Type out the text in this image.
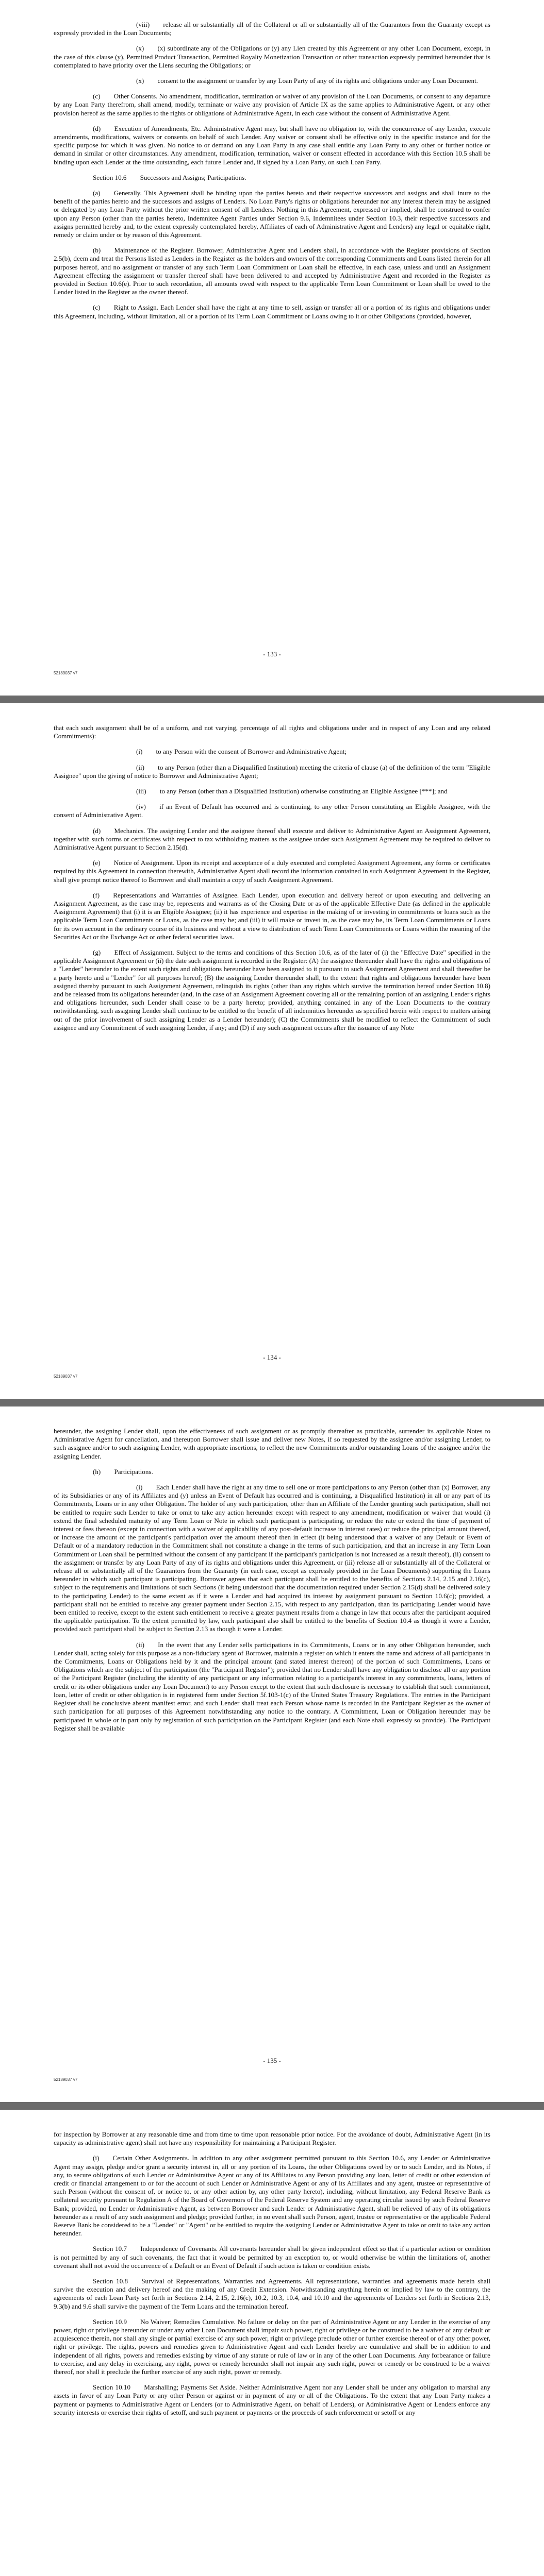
(viii)  release all or substantially all of the Collateral or all or substantially all of the Guarantors from the Guaranty except as expressly provided in the Loan Documents;

(x)  (x) subordinate any of the Obligations or (y) any Lien created by this Agreement or any other Loan Document, except, in the case of this clause (y), Permitted Product Transaction, Permitted Royalty Monetization Transaction or other transaction expressly permitted hereunder that is contemplated to have priority over the Liens securing the Obligations; or

(x)  consent to the assignment or transfer by any Loan Party of any of its rights and obligations under any Loan Document.

(c)  Other Consents. No amendment, modification, termination or waiver of any provision of the Loan Documents, or consent to any departure by any Loan Party therefrom, shall amend, modify, terminate or waive any provision of Article IX as the same applies to Administrative Agent, or any other provision hereof as the same applies to the rights or obligations of Administrative Agent, in each case without the consent of Administrative Agent.

(d)  Execution of Amendments, Etc. Administrative Agent may, but shall have no obligation to, with the concurrence of any Lender, execute amendments, modifications, waivers or consents on behalf of such Lender. Any waiver or consent shall be effective only in the specific instance and for the specific purpose for which it was given. No notice to or demand on any Loan Party in any case shall entitle any Loan Party to any other or further notice or demand in similar or other circumstances. Any amendment, modification, termination, waiver or consent effected in accordance with this Section 10.5 shall be binding upon each Lender at the time outstanding, each future Lender and, if signed by a Loan Party, on such Loan Party.

Section 10.6  Successors and Assigns; Participations.

(a)  Generally. This Agreement shall be binding upon the parties hereto and their respective successors and assigns and shall inure to the benefit of the parties hereto and the successors and assigns of Lenders. No Loan Party's rights or obligations hereunder nor any interest therein may be assigned or delegated by any Loan Party without the prior written consent of all Lenders. Nothing in this Agreement, expressed or implied, shall be construed to confer upon any Person (other than the parties hereto, Indemnitee Agent Parties under Section 9.6, Indemnitees under Section 10.3, their respective successors and assigns permitted hereby and, to the extent expressly contemplated hereby, Affiliates of each of Administrative Agent and Lenders) any legal or equitable right, remedy or claim under or by reason of this Agreement.

(b)  Maintenance of the Register. Borrower, Administrative Agent and Lenders shall, in accordance with the Register provisions of Section 2.5(b), deem and treat the Persons listed as Lenders in the Register as the holders and owners of the corresponding Commitments and Loans listed therein for all purposes hereof, and no assignment or transfer of any such Term Loan Commitment or Loan shall be effective, in each case, unless and until an Assignment Agreement effecting the assignment or transfer thereof shall have been delivered to and accepted by Administrative Agent and recorded in the Register as provided in Section 10.6(e). Prior to such recordation, all amounts owed with respect to the applicable Term Loan Commitment or Loan shall be owed to the Lender listed in the Register as the owner thereof.

(c)  Right to Assign. Each Lender shall have the right at any time to sell, assign or transfer all or a portion of its rights and obligations under this Agreement, including, without limitation, all or a portion of its Term Loan Commitment or Loans owing to it or other Obligations (provided, however,

- 133 -
52189037 v7

that each such assignment shall be of a uniform, and not varying, percentage of all rights and obligations under and in respect of any Loan and any related Commitments):

(i)  to any Person with the consent of Borrower and Administrative Agent;

(ii)  to any Person (other than a Disqualified Institution) meeting the criteria of clause (a) of the definition of the term "Eligible Assignee" upon the giving of notice to Borrower and Administrative Agent;

(iii)  to any Person (other than a Disqualified Institution) otherwise constituting an Eligible Assignee [***]; and

(iv)  if an Event of Default has occurred and is continuing, to any other Person constituting an Eligible Assignee, with the consent of Administrative Agent.

(d)  Mechanics. The assigning Lender and the assignee thereof shall execute and deliver to Administrative Agent an Assignment Agreement, together with such forms or certificates with respect to tax withholding matters as the assignee under such Assignment Agreement may be required to deliver to Administrative Agent pursuant to Section 2.15(d).

(e)  Notice of Assignment. Upon its receipt and acceptance of a duly executed and completed Assignment Agreement, any forms or certificates required by this Agreement in connection therewith, Administrative Agent shall record the information contained in such Assignment Agreement in the Register, shall give prompt notice thereof to Borrower and shall maintain a copy of such Assignment Agreement.

(f)  Representations and Warranties of Assignee. Each Lender, upon execution and delivery hereof or upon executing and delivering an Assignment Agreement, as the case may be, represents and warrants as of the Closing Date or as of the applicable Effective Date (as defined in the applicable Assignment Agreement) that (i) it is an Eligible Assignee; (ii) it has experience and expertise in the making of or investing in commitments or loans such as the applicable Term Loan Commitments or Loans, as the case may be; and (iii) it will make or invest in, as the case may be, its Term Loan Commitments or Loans for its own account in the ordinary course of its business and without a view to distribution of such Term Loan Commitments or Loans within the meaning of the Securities Act or the Exchange Act or other federal securities laws.

(g)  Effect of Assignment. Subject to the terms and conditions of this Section 10.6, as of the later of (i) the "Effective Date" specified in the applicable Assignment Agreement or (ii) the date such assignment is recorded in the Register: (A) the assignee thereunder shall have the rights and obligations of a "Lender" hereunder to the extent such rights and obligations hereunder have been assigned to it pursuant to such Assignment Agreement and shall thereafter be a party hereto and a "Lender" for all purposes hereof; (B) the assigning Lender thereunder shall, to the extent that rights and obligations hereunder have been assigned thereby pursuant to such Assignment Agreement, relinquish its rights (other than any rights which survive the termination hereof under Section 10.8) and be released from its obligations hereunder (and, in the case of an Assignment Agreement covering all or the remaining portion of an assigning Lender's rights and obligations hereunder, such Lender shall cease to be a party hereto; provided, anything contained in any of the Loan Documents to the contrary notwithstanding, such assigning Lender shall continue to be entitled to the benefit of all indemnities hereunder as specified herein with respect to matters arising out of the prior involvement of such assigning Lender as a Lender hereunder); (C) the Commitments shall be modified to reflect the Commitment of such assignee and any Commitment of such assigning Lender, if any; and (D) if any such assignment occurs after the issuance of any Note

- 134 -
52189037 v7

hereunder, the assigning Lender shall, upon the effectiveness of such assignment or as promptly thereafter as practicable, surrender its applicable Notes to Administrative Agent for cancellation, and thereupon Borrower shall issue and deliver new Notes, if so requested by the assignee and/or assigning Lender, to such assignee and/or to such assigning Lender, with appropriate insertions, to reflect the new Commitments and/or outstanding Loans of the assignee and/or the assigning Lender.

(h)  Participations.

(i)  Each Lender shall have the right at any time to sell one or more participations to any Person (other than (x) Borrower, any of its Subsidiaries or any of its Affiliates and (y) unless an Event of Default has occurred and is continuing, a Disqualified Institution) in all or any part of its Commitments, Loans or in any other Obligation. The holder of any such participation, other than an Affiliate of the Lender granting such participation, shall not be entitled to require such Lender to take or omit to take any action hereunder except with respect to any amendment, modification or waiver that would (i) extend the final scheduled maturity of any Term Loan or Note in which such participant is participating, or reduce the rate or extend the time of payment of interest or fees thereon (except in connection with a waiver of applicability of any post-default increase in interest rates) or reduce the principal amount thereof, or increase the amount of the participant's participation over the amount thereof then in effect (it being understood that a waiver of any Default or Event of Default or of a mandatory reduction in the Commitment shall not constitute a change in the terms of such participation, and that an increase in any Term Loan Commitment or Loan shall be permitted without the consent of any participant if the participant's participation is not increased as a result thereof), (ii) consent to the assignment or transfer by any Loan Party of any of its rights and obligations under this Agreement, or (iii) release all or substantially all of the Collateral or release all or substantially all of the Guarantors from the Guaranty (in each case, except as expressly provided in the Loan Documents) supporting the Loans hereunder in which such participant is participating. Borrower agrees that each participant shall be entitled to the benefits of Sections 2.14, 2.15 and 2.16(c), subject to the requirements and limitations of such Sections (it being understood that the documentation required under Section 2.15(d) shall be delivered solely to the participating Lender) to the same extent as if it were a Lender and had acquired its interest by assignment pursuant to Section 10.6(c); provided, a participant shall not be entitled to receive any greater payment under Section 2.15, with respect to any participation, than its participating Lender would have been entitled to receive, except to the extent such entitlement to receive a greater payment results from a change in law that occurs after the participant acquired the applicable participation. To the extent permitted by law, each participant also shall be entitled to the benefits of Section 10.4 as though it were a Lender, provided such participant shall be subject to Section 2.13 as though it were a Lender.

(ii)  In the event that any Lender sells participations in its Commitments, Loans or in any other Obligation hereunder, such Lender shall, acting solely for this purpose as a non-fiduciary agent of Borrower, maintain a register on which it enters the name and address of all participants in the Commitments, Loans or Obligations held by it and the principal amount (and stated interest thereon) of the portion of such Commitments, Loans or Obligations which are the subject of the participation (the "Participant Register"); provided that no Lender shall have any obligation to disclose all or any portion of the Participant Register (including the identity of any participant or any information relating to a participant's interest in any commitments, loans, letters of credit or its other obligations under any Loan Document) to any Person except to the extent that such disclosure is necessary to establish that such commitment, loan, letter of credit or other obligation is in registered form under Section 5f.103-1(c) of the United States Treasury Regulations. The entries in the Participant Register shall be conclusive absent manifest error, and such Lender shall treat each Person whose name is recorded in the Participant Register as the owner of such participation for all purposes of this Agreement notwithstanding any notice to the contrary. A Commitment, Loan or Obligation hereunder may be participated in whole or in part only by registration of such participation on the Participant Register (and each Note shall expressly so provide). The Participant Register shall be available

- 135 -
52189037 v7

for inspection by Borrower at any reasonable time and from time to time upon reasonable prior notice. For the avoidance of doubt, Administrative Agent (in its capacity as administrative agent) shall not have any responsibility for maintaining a Participant Register.

(i)  Certain Other Assignments. In addition to any other assignment permitted pursuant to this Section 10.6, any Lender or Administrative Agent may assign, pledge and/or grant a security interest in, all or any portion of its Loans, the other Obligations owed by or to such Lender, and its Notes, if any, to secure obligations of such Lender or Administrative Agent or any of its Affiliates to any Person providing any loan, letter of credit or other extension of credit or financial arrangement to or for the account of such Lender or Administrative Agent or any of its Affiliates and any agent, trustee or representative of such Person (without the consent of, or notice to, or any other action by, any other party hereto), including, without limitation, any Federal Reserve Bank as collateral security pursuant to Regulation A of the Board of Governors of the Federal Reserve System and any operating circular issued by such Federal Reserve Bank; provided, no Lender or Administrative Agent, as between Borrower and such Lender or Administrative Agent, shall be relieved of any of its obligations hereunder as a result of any such assignment and pledge; provided further, in no event shall such Person, agent, trustee or representative or the applicable Federal Reserve Bank be considered to be a "Lender" or "Agent" or be entitled to require the assigning Lender or Administrative Agent to take or omit to take any action hereunder.

Section 10.7  Independence of Covenants. All covenants hereunder shall be given independent effect so that if a particular action or condition is not permitted by any of such covenants, the fact that it would be permitted by an exception to, or would otherwise be within the limitations of, another covenant shall not avoid the occurrence of a Default or an Event of Default if such action is taken or condition exists.

Section 10.8  Survival of Representations, Warranties and Agreements. All representations, warranties and agreements made herein shall survive the execution and delivery hereof and the making of any Credit Extension. Notwithstanding anything herein or implied by law to the contrary, the agreements of each Loan Party set forth in Sections 2.14, 2.15, 2.16(c), 10.2, 10.3, 10.4, and 10.10 and the agreements of Lenders set forth in Sections 2.13, 9.3(b) and 9.6 shall survive the payment of the Term Loans and the termination hereof.

Section 10.9  No Waiver; Remedies Cumulative. No failure or delay on the part of Administrative Agent or any Lender in the exercise of any power, right or privilege hereunder or under any other Loan Document shall impair such power, right or privilege or be construed to be a waiver of any default or acquiescence therein, nor shall any single or partial exercise of any such power, right or privilege preclude other or further exercise thereof or of any other power, right or privilege. The rights, powers and remedies given to Administrative Agent and each Lender hereby are cumulative and shall be in addition to and independent of all rights, powers and remedies existing by virtue of any statute or rule of law or in any of the other Loan Documents. Any forbearance or failure to exercise, and any delay in exercising, any right, power or remedy hereunder shall not impair any such right, power or remedy or be construed to be a waiver thereof, nor shall it preclude the further exercise of any such right, power or remedy.

Section 10.10  Marshalling; Payments Set Aside. Neither Administrative Agent nor any Lender shall be under any obligation to marshal any assets in favor of any Loan Party or any other Person or against or in payment of any or all of the Obligations. To the extent that any Loan Party makes a payment or payments to Administrative Agent or Lenders (or to Administrative Agent, on behalf of Lenders), or Administrative Agent or Lenders enforce any security interests or exercise their rights of setoff, and such payment or payments or the proceeds of such enforcement or setoff or any
